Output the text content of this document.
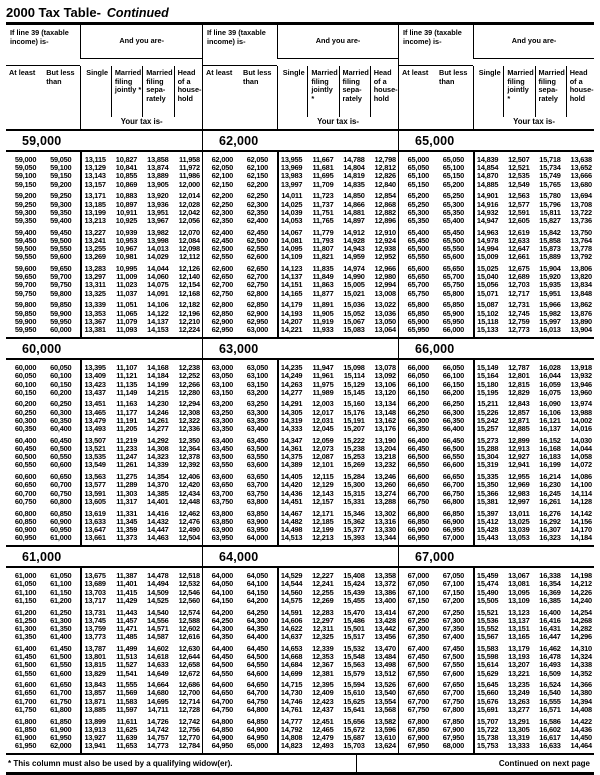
2000 Tax Table- Continued
If line 39 (taxable income) is-	And you are-
At least	But less than
Single Married filing jointly *
Married filing sepa- rately
Head of a house- hold
Your tax is-
59,000
59,000	59,050	13,115	10,827	13,858	11,958
59,050	59,100	13,129	10,841	13,874	11,972
59,100	59,150	13,143	10,855	13,889	11,986
59,150	59,200	13,157	10,869	13,905	12,000
59,200	59,250	13,171	10,883	13,920	12,014
59,250	59,300	13,185	10,897	13,936	12,028
59,300	59,350	13,199	10,911	13,951	12,042
59,350	59,400	13,213	10,925	13,967	12,056
59,400	59,450	13,227	10,939	13,982	12,070
59,450	59,500	13,241	10,953	13,998	12,084
59,500	59,550	13,255	10,967	14,013	12,098
59,550	59,600	13,269	10,981	14,029	12,112
59,600	59,650	13,283	10,995	14,044	12,126
59,650	59,700	13,297	11,009	14,060	12,140
59,700	59,750	13,311	11,023	14,075	12,154
59,750	59,800	13,325	11,037	14,091	12,168
59,800	59,850	13,339	11,051	14,106	12,182
59,850	59,900	13,353	11,065	14,122	12,196
59,900	59,950	13,367	11,079	14,137	12,210
59,950	60,000	13,381	11,093	14,153	12,224
60,000
60,000	60,050	13,395	11,107	14,168	12,238
60,050	60,100	13,409	11,121	14,184	12,252
60,100	60,150	13,423	11,135	14,199	12,266
60,150	60,200	13,437	11,149	14,215	12,280
60,200	60,250	13,451	11,163	14,230	12,294
60,250	60,300	13,465	11,177	14,246	12,308
60,300	60,350	13,479	11,191	14,261	12,322
60,350	60,400	13,493	11,205	14,277	12,336
60,400	60,450	13,507	11,219	14,292	12,350
60,450	60,500	13,521	11,233	14,308	12,364
60,500	60,550	13,535	11,247	14,323	12,378
60,550	60,600	13,549	11,261	14,339	12,392
60,600	60,650	13,563	11,275	14,354	12,406
60,650	60,700	13,577	11,289	14,370	12,420
60,700	60,750	13,591	11,303	14,385	12,434
60,750	60,800	13,605	11,317	14,401	12,448
60,800	60,850	13,619	11,331	14,416	12,462
60,850	60,900	13,633	11,345	14,432	12,476
60,900	60,950	13,647	11,359	14,447	12,490
60,950	61,000	13,661	11,373	14,463	12,504
61,000
61,000	61,050	13,675	11,387	14,478	12,518
61,050	61,100	13,689	11,401	14,494	12,532
61,100	61,150	13,703	11,415	14,509	12,546
61,150	61,200	13,717	11,429	14,525	12,560
61,200	61,250	13,731	11,443	14,540	12,574
61,250	61,300	13,745	11,457	14,556	12,588
61,300	61,350	13,759	11,471	14,571	12,602
61,350	61,400	13,773	11,485	14,587	12,616
61,400	61,450	13,787	11,499	14,602	12,630
61,450	61,500	13,801	11,513	14,618	12,644
61,500	61,550	13,815	11,527	14,633	12,658
61,550	61,600	13,829	11,541	14,649	12,672
61,600	61,650	13,843	11,555	14,664	12,686
61,650	61,700	13,857	11,569	14,680	12,700
61,700	61,750	13,871	11,583	14,695	12,714
61,750	61,800	13,885	11,597	14,711	12,728
61,800	61,850	13,899	11,611	14,726	12,742
61,850	61,900	13,913	11,625	14,742	12,756
61,900	61,950	13,927	11,639	14,757	12,770
61,950	62,000	13,941	11,653	14,773	12,784
If line 39 (taxable income) is-	And you are-
At least	But less than
Single Married filing jointly *
Married filing sepa- rately
Head of a house- hold
Your tax is-
62,000
62,000	62,050	13,955	11,667	14,788	12,798
62,050	62,100	13,969	11,681	14,804	12,812
62,100	62,150	13,983	11,695	14,819	12,826
62,150	62,200	13,997	11,709	14,835	12,840
62,200	62,250	14,011	11,723	14,850	12,854
62,250	62,300	14,025	11,737	14,866	12,868
62,300	62,350	14,039	11,751	14,881	12,882
62,350	62,400	14,053	11,765	14,897	12,896
62,400	62,450	14,067	11,779	14,912	12,910
62,450	62,500	14,081	11,793	14,928	12,924
62,500	62,550	14,095	11,807	14,943	12,938
62,550	62,600	14,109	11,821	14,959	12,952
62,600	62,650	14,123	11,835	14,974	12,966
62,650	62,700	14,137	11,849	14,990	12,980
62,700	62,750	14,151	11,863	15,005	12,994
62,750	62,800	14,165	11,877	15,021	13,008
62,800	62,850	14,179	11,891	15,036	13,022
62,850	62,900	14,193	11,905	15,052	13,036
62,900	62,950	14,207	11,919	15,067	13,050
62,950	63,000	14,221	11,933	15,083	13,064
63,000
63,000	63,050	14,235	11,947	15,098	13,078
63,050	63,100	14,249	11,961	15,114	13,092
63,100	63,150	14,263	11,975	15,129	13,106
63,150	63,200	14,277	11,989	15,145	13,120
63,200	63,250	14,291	12,003	15,160	13,134
63,250	63,300	14,305	12,017	15,176	13,148
63,300	63,350	14,319	12,031	15,191	13,162
63,350	63,400	14,333	12,045	15,207	13,176
63,400	63,450	14,347	12,059	15,222	13,190
63,450	63,500	14,361	12,073	15,238	13,204
63,500	63,550	14,375	12,087	15,253	13,218
63,550	63,600	14,389	12,101	15,269	13,232
63,600	63,650	14,405	12,115	15,284	13,246
63,650	63,700	14,420	12,129	15,300	13,260
63,700	63,750	14,436	12,143	15,315	13,274
63,750	63,800	14,451	12,157	15,331	13,288
63,800	63,850	14,467	12,171	15,346	13,302
63,850	63,900	14,482	12,185	15,362	13,316
63,900	63,950	14,498	12,199	15,377	13,330
63,950	64,000	14,513	12,213	15,393	13,344
64,000
64,000	64,050	14,529	12,227	15,408	13,358
64,050	64,100	14,544	12,241	15,424	13,372
64,100	64,150	14,560	12,255	15,439	13,386
64,150	64,200	14,575	12,269	15,455	13,400
64,200	64,250	14,591	12,283	15,470	13,414
64,250	64,300	14,606	12,297	15,486	13,428
64,300	64,350	14,622	12,311	15,501	13,442
64,350	64,400	14,637	12,325	15,517	13,456
64,400	64,450	14,653	12,339	15,532	13,470
64,450	64,500	14,668	12,353	15,548	13,484
64,500	64,550	14,684	12,367	15,563	13,498
64,550	64,600	14,699	12,381	15,579	13,512
64,600	64,650	14,715	12,395	15,594	13,526
64,650	64,700	14,730	12,409	15,610	13,540
64,700	64,750	14,746	12,423	15,625	13,554
64,750	64,800	14,761	12,437	15,641	13,568
64,800	64,850	14,777	12,451	15,656	13,582
64,850	64,900	14,792	12,465	15,672	13,596
64,900	64,950	14,808	12,479	15,687	13,610
64,950	65,000	14,823	12,493	15,703	13,624
If line 39 (taxable income) is-	And you are-
At least	But less than
Single Married filing jointly *
Married filing sepa- rately
Head of a house- hold
Your tax is-
65,000
65,000	65,050	14,839	12,507	15,718	13,638
65,050	65,100	14,854	12,521	15,734	13,652
65,100	65,150	14,870	12,535	15,749	13,666
65,150	65,200	14,885	12,549	15,765	13,680
65,200	65,250	14,901	12,563	15,780	13,694
65,250	65,300	14,916	12,577	15,796	13,708
65,300	65,350	14,932	12,591	15,811	13,722
65,350	65,400	14,947	12,605	15,827	13,736
65,400	65,450	14,963	12,619	15,842	13,750
65,450	65,500	14,978	12,633	15,858	13,764
65,500	65,550	14,994	12,647	15,873	13,778
65,550	65,600	15,009	12,661	15,889	13,792
65,600	65,650	15,025	12,675	15,904	13,806
65,650	65,700	15,040	12,689	15,920	13,820
65,700	65,750	15,056	12,703	15,935	13,834
65,750	65,800	15,071	12,717	15,951	13,848
65,800	65,850	15,087	12,731	15,966	13,862
65,850	65,900	15,102	12,745	15,982	13,876
65,900	65,950	15,118	12,759	15,997	13,890
65,950	66,000	15,133	12,773	16,013	13,904
66,000
66,000	66,050	15,149	12,787	16,028	13,918
66,050	66,100	15,164	12,801	16,044	13,932
66,100	66,150	15,180	12,815	16,059	13,946
66,150	66,200	15,195	12,829	16,075	13,960
66,200	66,250	15,211	12,843	16,090	13,974
66,250	66,300	15,226	12,857	16,106	13,988
66,300	66,350	15,242	12,871	16,121	14,002
66,350	66,400	15,257	12,885	16,137	14,016
66,400	66,450	15,273	12,899	16,152	14,030
66,450	66,500	15,288	12,913	16,168	14,044
66,500	66,550	15,304	12,927	16,183	14,058
66,550	66,600	15,319	12,941	16,199	14,072
66,600	66,650	15,335	12,955	16,214	14,086
66,650	66,700	15,350	12,969	16,230	14,100
66,700	66,750	15,366	12,983	16,245	14,114
66,750	66,800	15,381	12,997	16,261	14,128
66,800	66,850	15,397	13,011	16,276	14,142
66,850	66,900	15,412	13,025	16,292	14,156
66,900	66,950	15,428	13,039	16,307	14,170
66,950	67,000	15,443	13,053	16,323	14,184
67,000
67,000	67,050	15,459	13,067	16,338	14,198
67,050	67,100	15,474	13,081	16,354	14,212
67,100	67,150	15,490	13,095	16,369	14,226
67,150	67,200	15,505	13,109	16,385	14,240
67,200	67,250	15,521	13,123	16,400	14,254
67,250	67,300	15,536	13,137	16,416	14,268
67,300	67,350	15,552	13,151	16,431	14,282
67,350	67,400	15,567	13,165	16,447	14,296
67,400	67,450	15,583	13,179	16,462	14,310
67,450	67,500	15,598	13,193	16,478	14,324
67,500	67,550	15,614	13,207	16,493	14,338
67,550	67,600	15,629	13,221	16,509	14,352
67,600	67,650	15,645	13,235	16,524	14,366
67,650	67,700	15,660	13,249	16,540	14,380
67,700	67,750	15,676	13,263	16,555	14,394
67,750	67,800	15,691	13,277	16,571	14,408
67,800	67,850	15,707	13,291	16,586	14,422
67,850	67,900	15,722	13,305	16,602	14,436
67,900	67,950	15,738	13,319	16,617	14,450
67,950	68,000	15,753	13,333	16,633	14,464
* This column must also be used by a qualifying widow(er).	Continued on next page
